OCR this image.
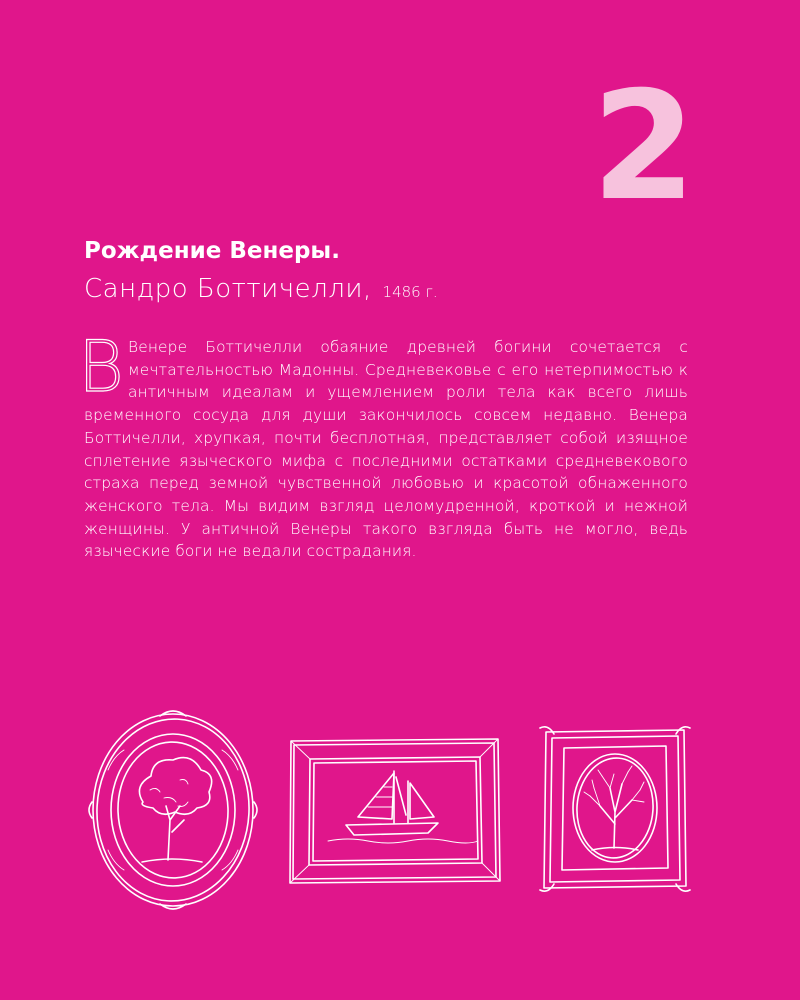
2
Рождение Венеры.
Сандро Боттичелли, 1486 г.
В Венере Боттичелли обаяние древней богини сочетается с мечтательностью Мадонны. Средневековье с его нетерпимостью к античным идеалам и ущемлением роли тела как всего лишь временного сосуда для души закончилось совсем недавно. Венера Боттичелли, хрупкая, почти бесплотная, представляет собой изящное сплетение языческого мифа с последними остатками средневекового страха перед земной чувственной любовью и красотой обнаженного женского тела. Мы видим взгляд целомудренной, кроткой и нежной женщины. У античной Венеры такого взгляда быть не могло, ведь языческие боги не ведали сострадания.
